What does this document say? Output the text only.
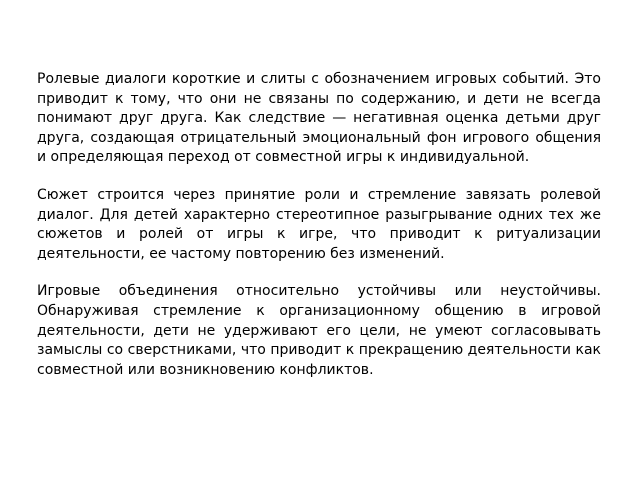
Ролевые диалоги короткие и слиты с обозначением игровых событий. Это приводит к тому, что они не связаны по содержанию, и дети не всегда понимают друг друга. Как следствие — негативная оценка детьми друг друга, создающая отрицательный эмоциональный фон игрового общения и определяющая переход от совместной игры к индивидуальной.

Сюжет строится через принятие роли и стремление завязать ролевой диалог. Для детей характерно стереотипное разыгрывание одних тех же сюжетов и ролей от игры к игре, что приводит к ритуализации деятельности, ее частому повторению без изменений.

Игровые объединения относительно устойчивы или неустойчивы. Обнаруживая стремление к организационному общению в игровой деятельности, дети не удерживают его цели, не умеют согласовывать замыслы со сверстниками, что приводит к прекращению деятельности как совместной или возникновению конфликтов.
